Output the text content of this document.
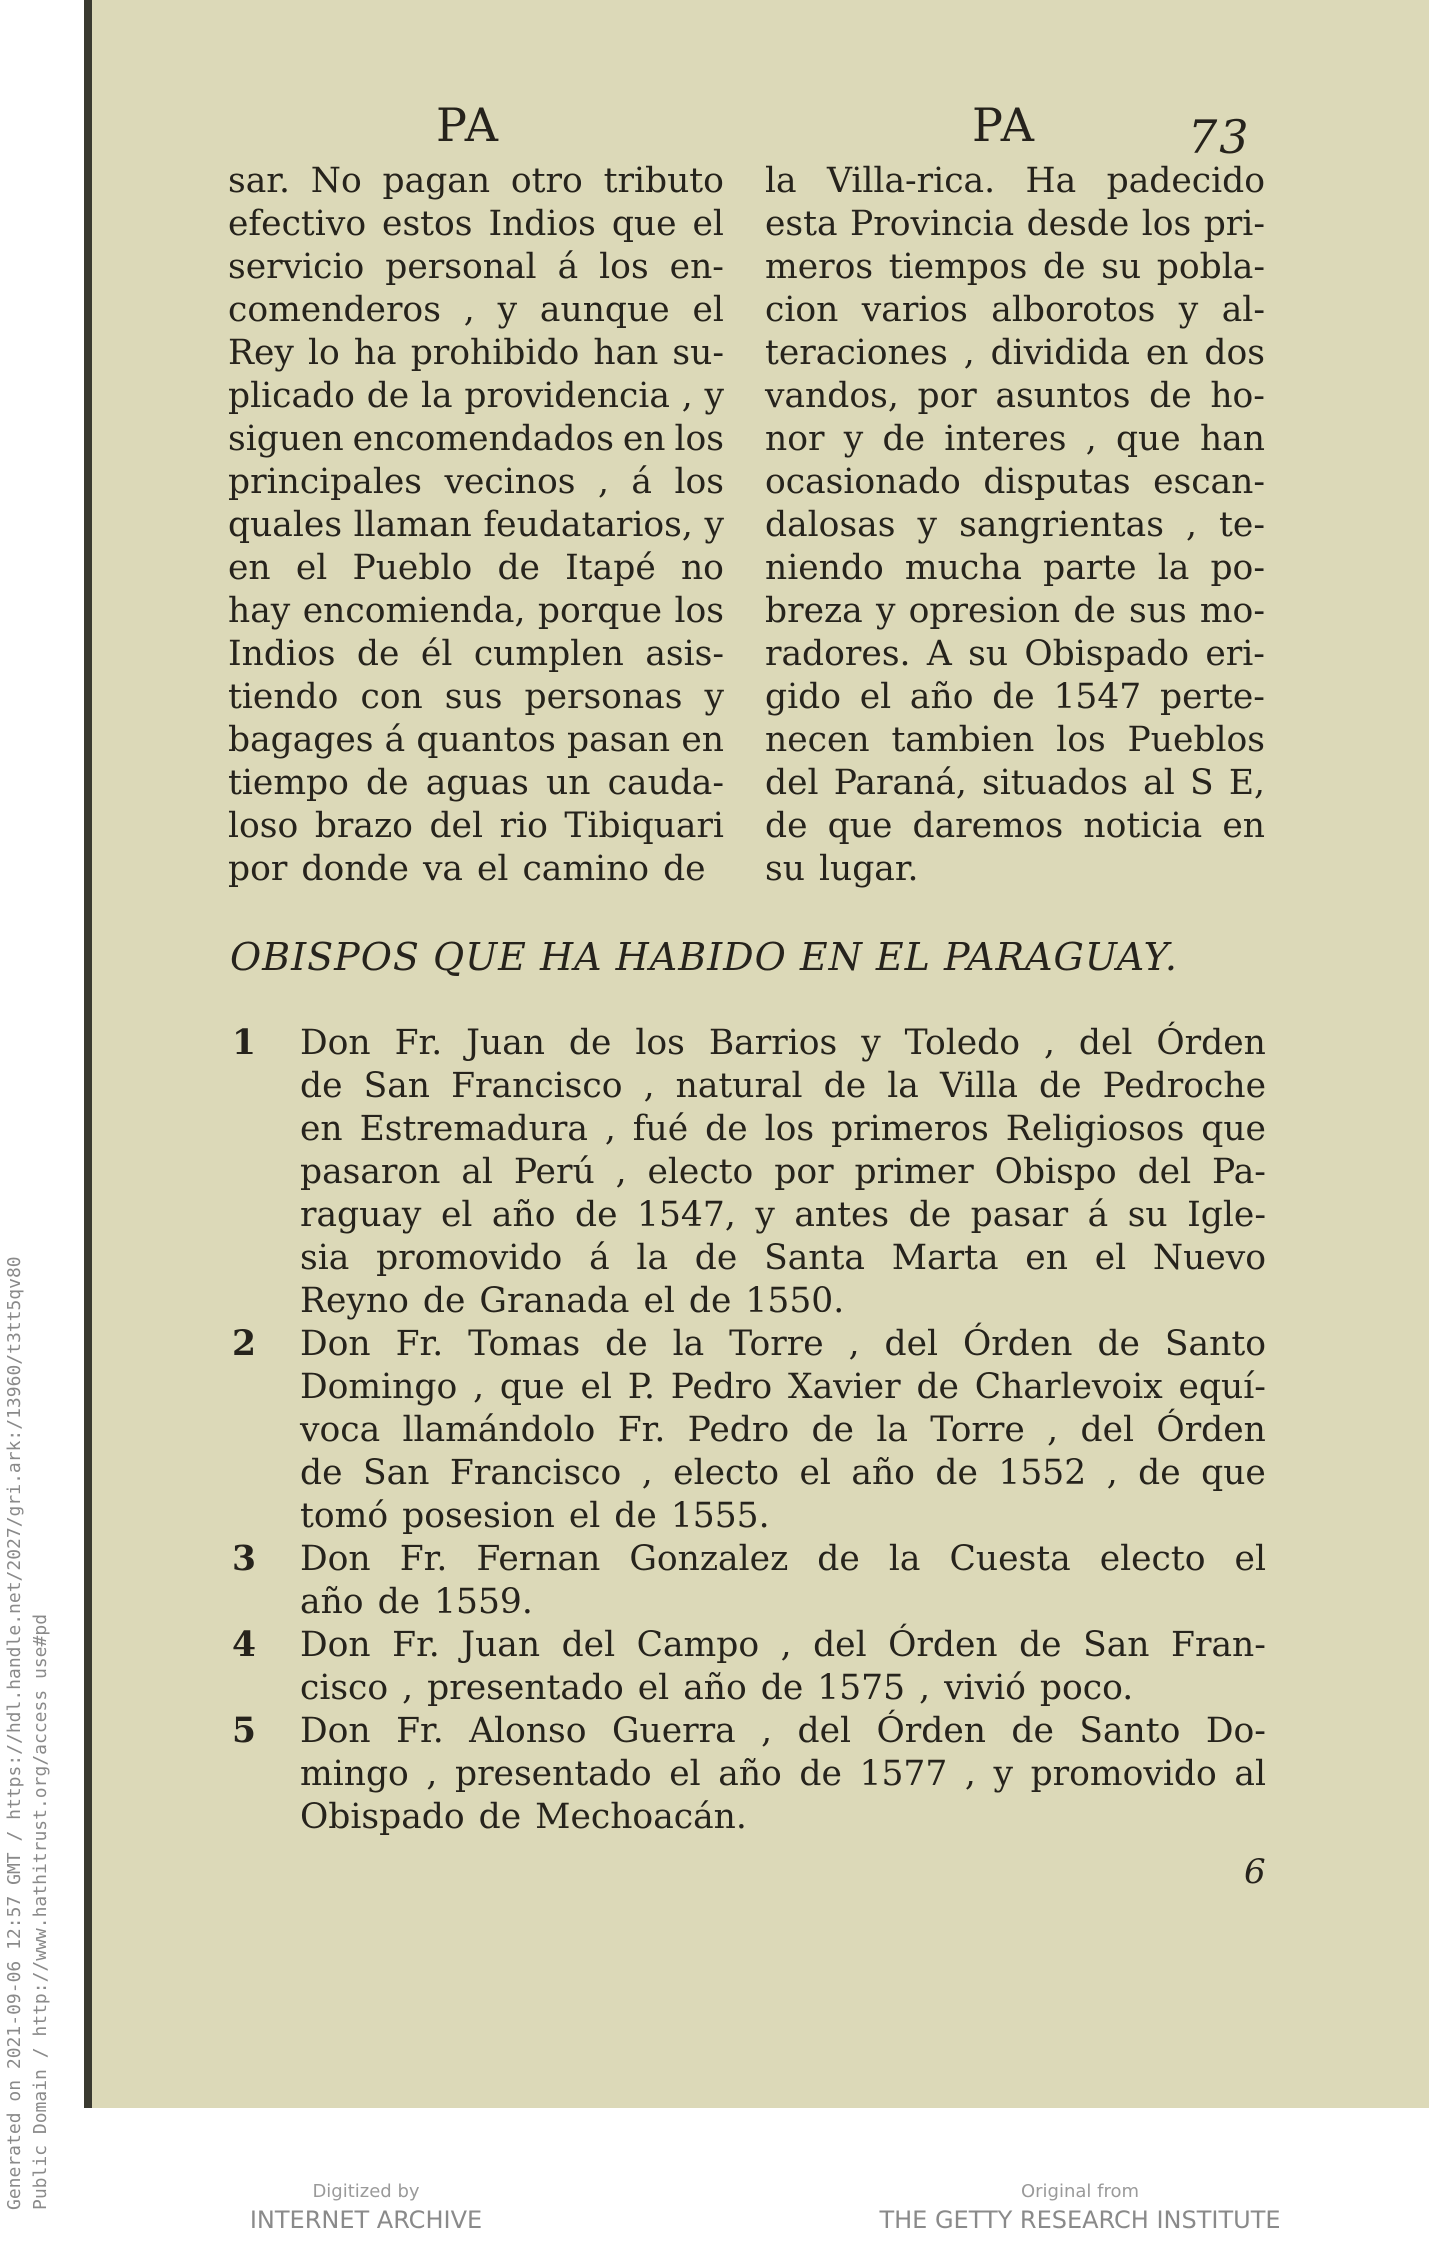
Generated on 2021-09-06 12:57 GMT / https://hdl.handle.net/2027/gri.ark:/13960/t3tt5qv80 Public Domain / http://www.hathitrust.org/access use#pd
PA	PA	73
sar. No pagan otro tributo
efectivo estos Indios que el
servicio personal á los en-
comenderos , y aunque el
Rey lo ha prohibido han su-
plicado de la providencia , y
siguen encomendados en los
principales vecinos , á los
quales llaman feudatarios, y
en el Pueblo de Itapé no
hay encomienda, porque los
Indios de él cumplen asis-
tiendo con sus personas y
bagages á quantos pasan en
tiempo de aguas un cauda-
loso brazo del rio Tibiquari
por donde va el camino de
la Villa-rica. Ha padecido
esta Provincia desde los pri-
meros tiempos de su pobla-
cion varios alborotos y al-
teraciones , dividida en dos
vandos, por asuntos de ho-
nor y de interes , que han
ocasionado disputas escan-
dalosas y sangrientas , te-
niendo mucha parte la po-
breza y opresion de sus mo-
radores. A su Obispado eri-
gido el año de 1547 perte-
necen tambien los Pueblos
del Paraná, situados al S E,
de que daremos noticia en
su lugar.
OBISPOS QUE HA HABIDO EN EL PARAGUAY.
1 Don Fr. Juan de los Barrios y Toledo , del Órden
de San Francisco , natural de la Villa de Pedroche
en Estremadura , fué de los primeros Religiosos que
pasaron al Perú , electo por primer Obispo del Pa-
raguay el año de 1547, y antes de pasar á su Igle-
sia promovido á la de Santa Marta en el Nuevo
Reyno de Granada el de 1550.
2 Don Fr. Tomas de la Torre , del Órden de Santo
Domingo , que el P. Pedro Xavier de Charlevoix equí-
voca llamándolo Fr. Pedro de la Torre , del Órden
de San Francisco , electo el año de 1552 , de que
tomó posesion el de 1555.
3 Don Fr. Fernan Gonzalez de la Cuesta electo el
año de 1559.
4 Don Fr. Juan del Campo , del Órden de San Fran-
cisco , presentado el año de 1575 , vivió poco.
5 Don Fr. Alonso Guerra , del Órden de Santo Do-
mingo , presentado el año de 1577 , y promovido al
Obispado de Mechoacán.
6
Digitized by
INTERNET ARCHIVE
Original from
THE GETTY RESEARCH INSTITUTE
